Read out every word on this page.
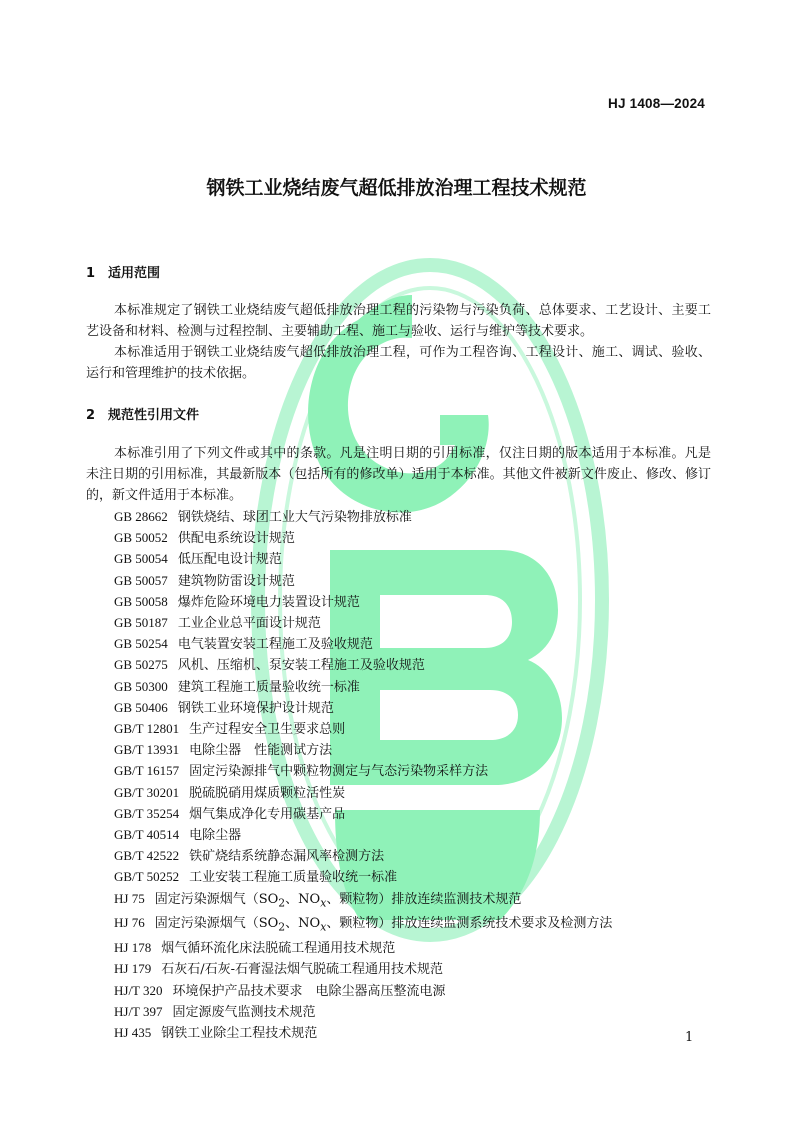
HJ 1408—2024
钢铁工业烧结废气超低排放治理工程技术规范
1 适用范围

本标准规定了钢铁工业烧结废气超低排放治理工程的污染物与污染负荷、总体要求、工艺设计、主要工艺设备和材料、检测与过程控制、主要辅助工程、施工与验收、运行与维护等技术要求。

本标准适用于钢铁工业烧结废气超低排放治理工程，可作为工程咨询、工程设计、施工、调试、验收、运行和管理维护的技术依据。

2 规范性引用文件

本标准引用了下列文件或其中的条款。凡是注明日期的引用标准，仅注日期的版本适用于本标准。凡是未注日期的引用标准，其最新版本（包括所有的修改单）适用于本标准。其他文件被新文件废止、修改、修订的，新文件适用于本标准。

GB 28662 钢铁烧结、球团工业大气污染物排放标准
GB 50052 供配电系统设计规范
GB 50054 低压配电设计规范
GB 50057 建筑物防雷设计规范
GB 50058 爆炸危险环境电力装置设计规范
GB 50187 工业企业总平面设计规范
GB 50254 电气装置安装工程施工及验收规范
GB 50275 风机、压缩机、泵安装工程施工及验收规范
GB 50300 建筑工程施工质量验收统一标准
GB 50406 钢铁工业环境保护设计规范
GB/T 12801 生产过程安全卫生要求总则
GB/T 13931 电除尘器　性能测试方法
GB/T 16157 固定污染源排气中颗粒物测定与气态污染物采样方法
GB/T 30201 脱硫脱硝用煤质颗粒活性炭
GB/T 35254 烟气集成净化专用碳基产品
GB/T 40514 电除尘器
GB/T 42522 铁矿烧结系统静态漏风率检测方法
GB/T 50252 工业安装工程施工质量验收统一标准
HJ 75 固定污染源烟气（$SO_2$、$NO_x$、颗粒物）排放连续监测技术规范
HJ 76 固定污染源烟气（$SO_2$、$NO_x$、颗粒物）排放连续监测系统技术要求及检测方法
HJ 178 烟气循环流化床法脱硫工程通用技术规范
HJ 179 石灰石/石灰-石膏湿法烟气脱硫工程通用技术规范
HJ/T 320 环境保护产品技术要求　电除尘器高压整流电源
HJ/T 397 固定源废气监测技术规范
HJ 435 钢铁工业除尘工程技术规范	1
